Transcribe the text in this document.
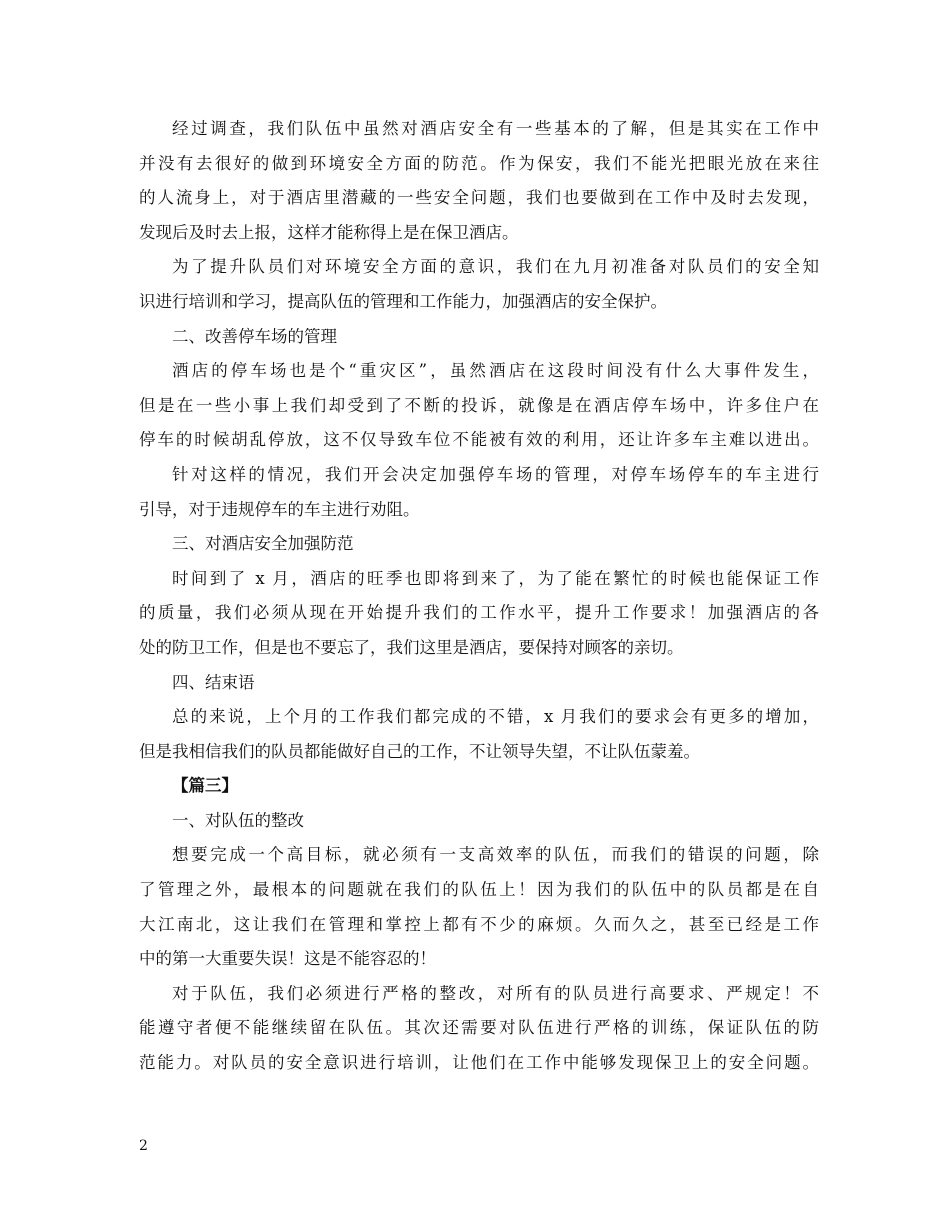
经过调查，我们队伍中虽然对酒店安全有一些基本的了解，但是其实在工作中
并没有去很好的做到环境安全方面的防范。作为保安，我们不能光把眼光放在来往
的人流身上，对于酒店里潜藏的一些安全问题，我们也要做到在工作中及时去发现，
发现后及时去上报，这样才能称得上是在保卫酒店。
为了提升队员们对环境安全方面的意识，我们在九月初准备对队员们的安全知
识进行培训和学习，提高队伍的管理和工作能力，加强酒店的安全保护。
二、改善停车场的管理
酒店的停车场也是个“重灾区”，虽然酒店在这段时间没有什么大事件发生，
但是在一些小事上我们却受到了不断的投诉，就像是在酒店停车场中，许多住户在
停车的时候胡乱停放，这不仅导致车位不能被有效的利用，还让许多车主难以进出。
针对这样的情况，我们开会决定加强停车场的管理，对停车场停车的车主进行
引导，对于违规停车的车主进行劝阻。
三、对酒店安全加强防范
时间到了 x 月，酒店的旺季也即将到来了，为了能在繁忙的时候也能保证工作
的质量，我们必须从现在开始提升我们的工作水平，提升工作要求！加强酒店的各
处的防卫工作，但是也不要忘了，我们这里是酒店，要保持对顾客的亲切。
四、结束语
总的来说，上个月的工作我们都完成的不错，x 月我们的要求会有更多的增加，
但是我相信我们的队员都能做好自己的工作，不让领导失望，不让队伍蒙羞。
【篇三】
一、对队伍的整改
想要完成一个高目标，就必须有一支高效率的队伍，而我们的错误的问题，除
了管理之外，最根本的问题就在我们的队伍上！因为我们的队伍中的队员都是在自
大江南北，这让我们在管理和掌控上都有不少的麻烦。久而久之，甚至已经是工作
中的第一大重要失误！这是不能容忍的！
对于队伍，我们必须进行严格的整改，对所有的队员进行高要求、严规定！不
能遵守者便不能继续留在队伍。其次还需要对队伍进行严格的训练，保证队伍的防
范能力。对队员的安全意识进行培训，让他们在工作中能够发现保卫上的安全问题。
2
